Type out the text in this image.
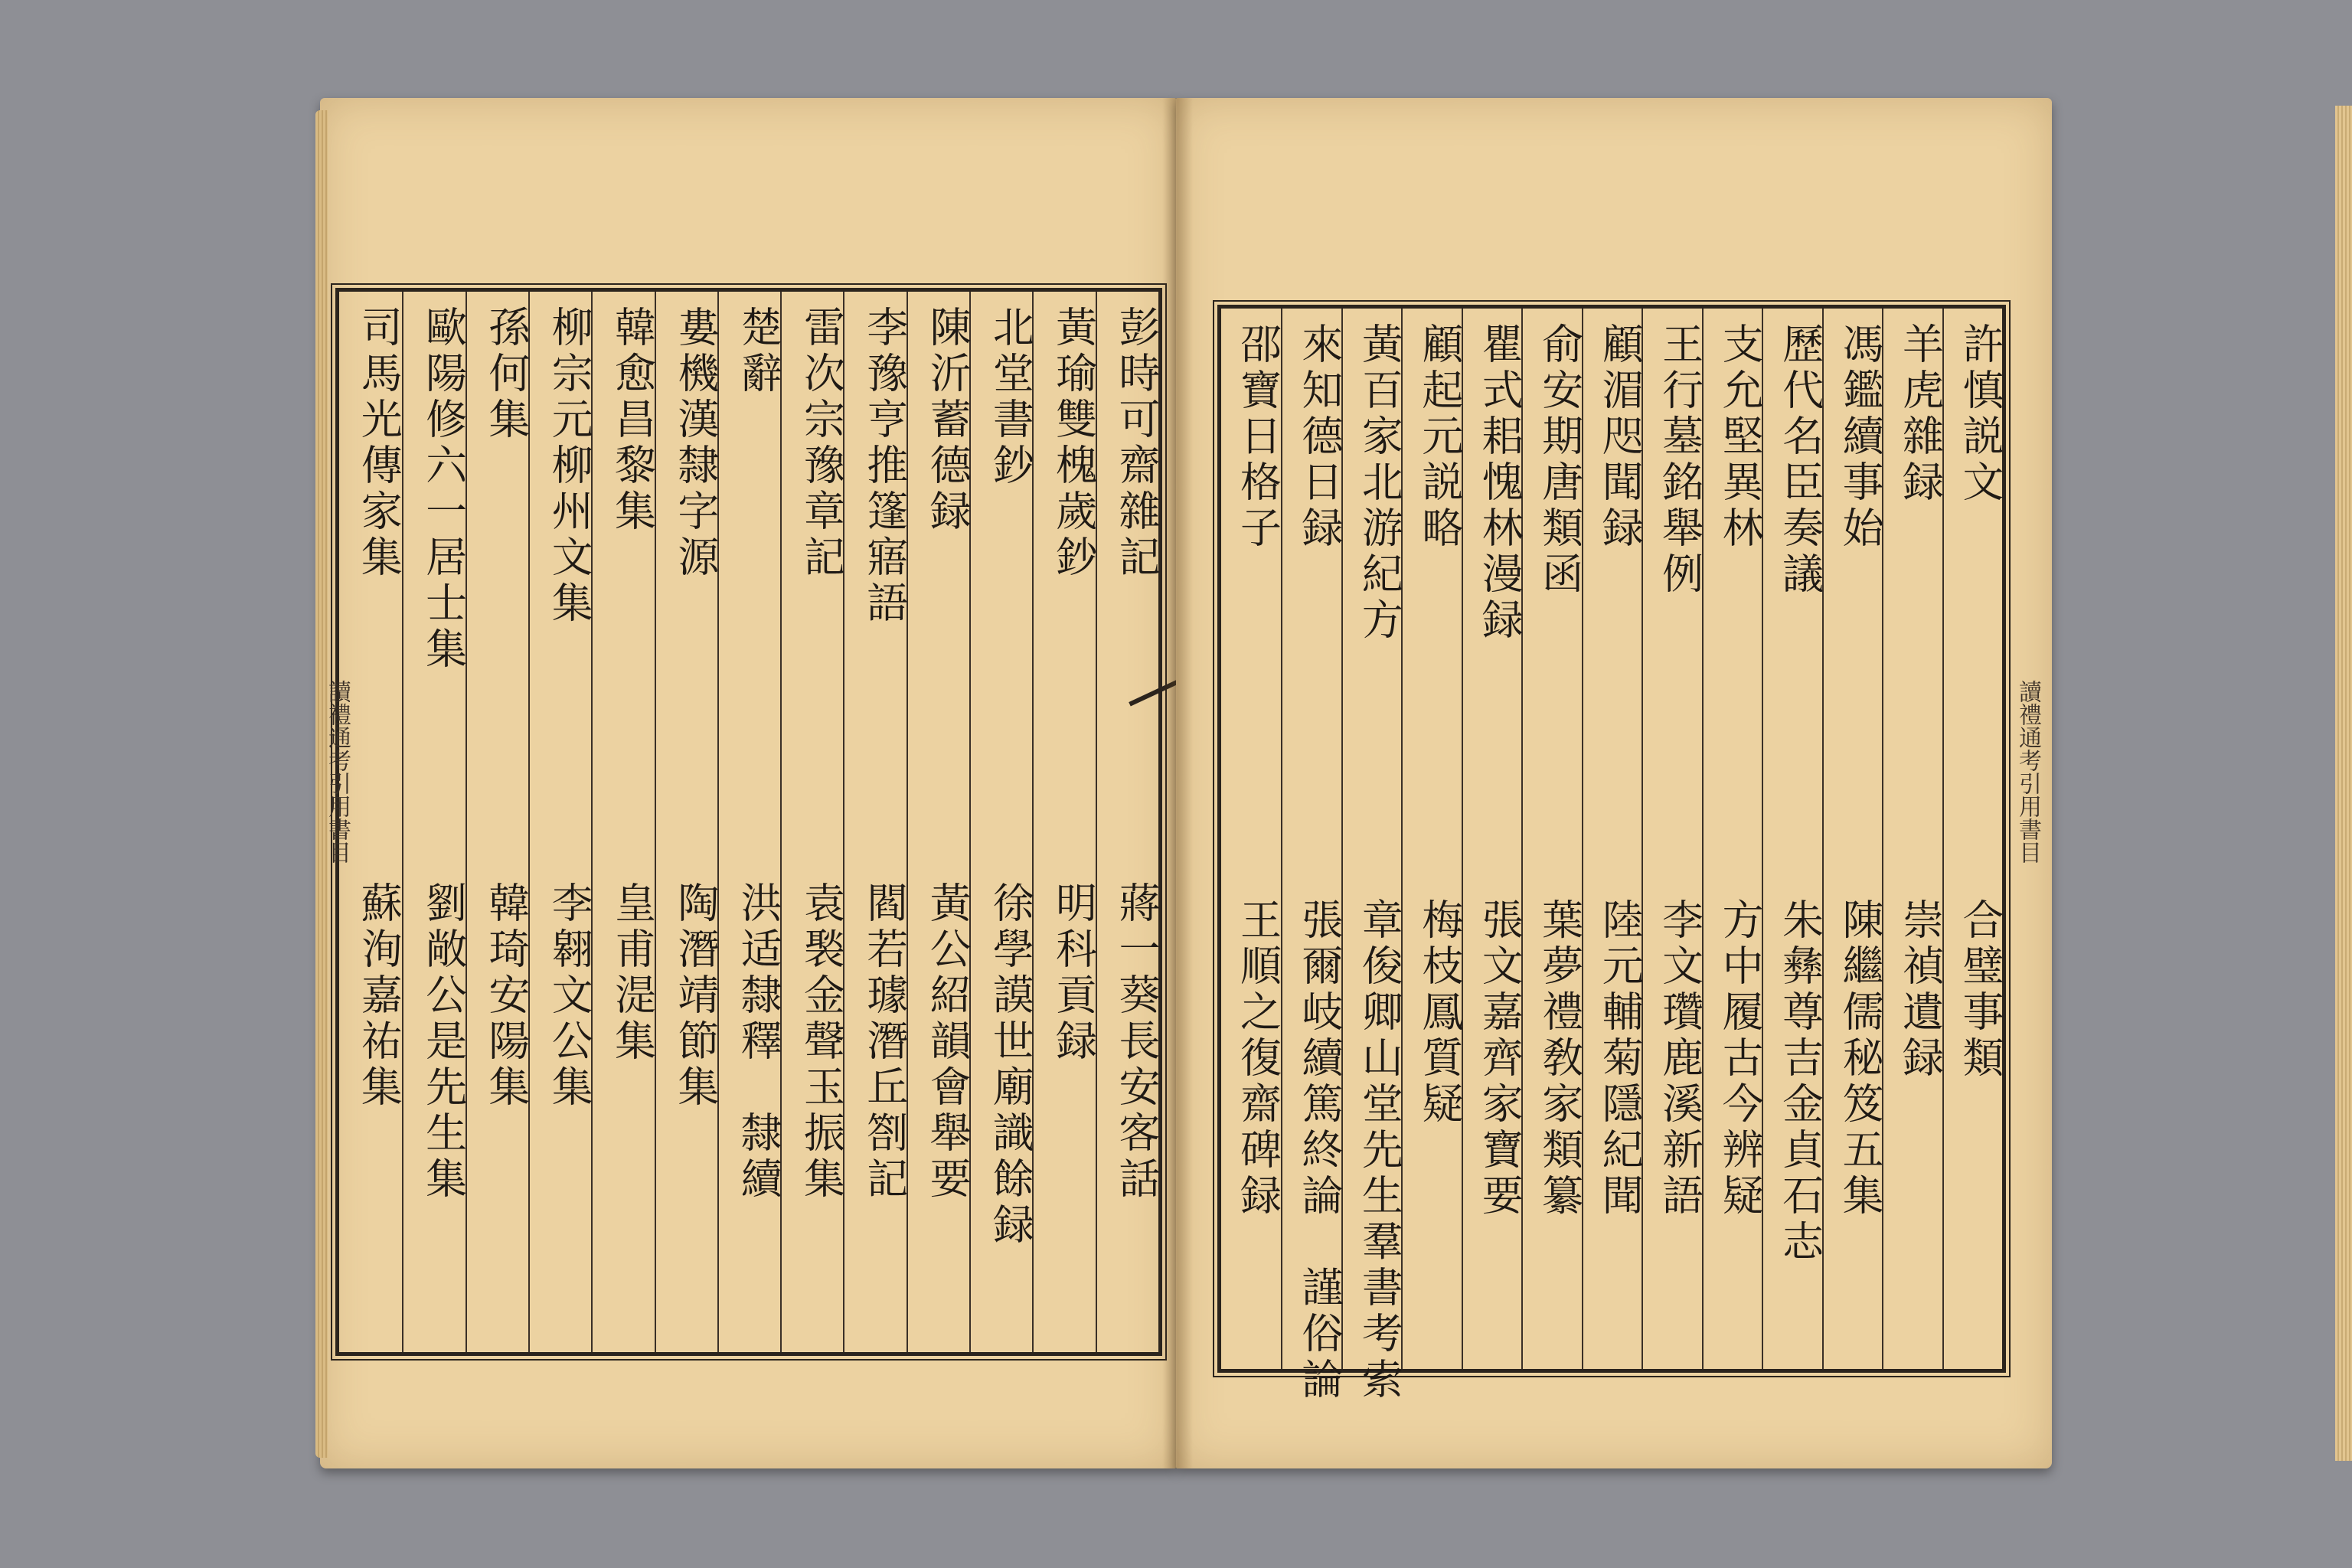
彭時可齋雜記
蔣一葵長安客話
黃瑜雙槐歲鈔
明科貢録
北堂書鈔
徐學謨世廟識餘録
陳沂蓄德録
黃公紹韻會舉要
李豫亨推篷寤語
閻若璩潛丘劄記
雷次宗豫章記
袁褧金聲玉振集
楚辭
洪适隸釋　隸續
婁機漢隸字源
陶潛靖節集
韓愈昌黎集
皇甫湜集
柳宗元柳州文集
李翱文公集
孫何集
韓琦安陽集
歐陽修六一居士集
劉敞公是先生集
司馬光傳家集
蘇洵嘉祐集
讀禮通考引用書目
許慎説文
合璧事類
羊虎雜録
崇禎遺録
馮鑑續事始
陳繼儒秘笈五集
歷代名臣奏議
朱彝尊吉金貞石志
支允堅異林
方中履古今辨疑
王行墓銘舉例
李文瓚鹿溪新語
顧湄咫聞録
陸元輔菊隱紀聞
俞安期唐類函
葉夢禮敎家類纂
瞿式耜愧林漫録
張文嘉齊家寶要
顧起元説略
梅枝鳳質疑
黃百家北游紀方
章俊卿山堂先生羣書考索
來知德日録
張爾岐續篤終論　謹俗論
邵寶日格子
王順之復齋碑録
讀禮通考引用書目
